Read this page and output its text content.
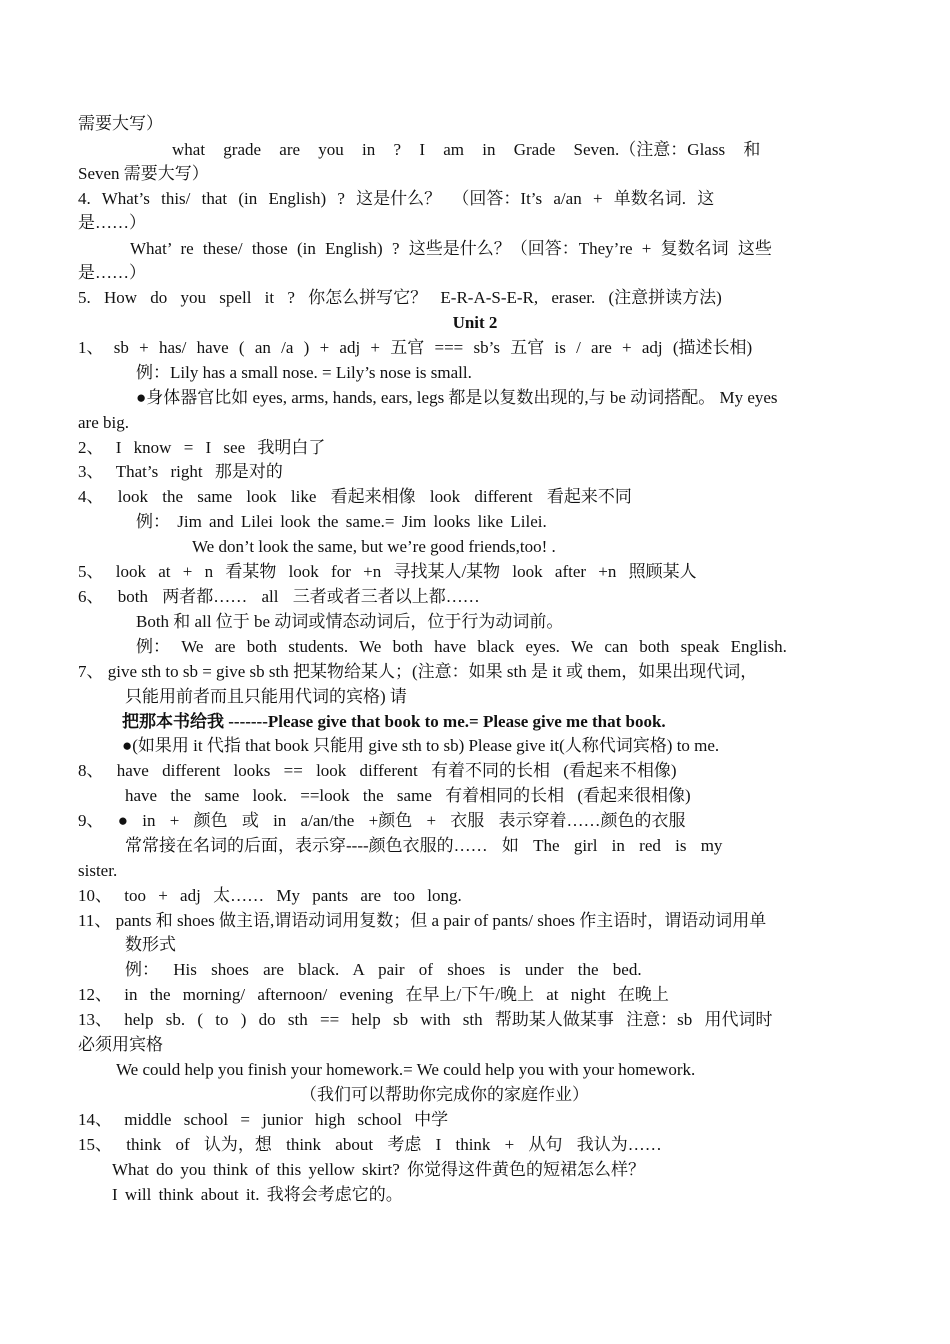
需要大写）
what grade are you in ? I am in Grade Seven.（注意：Glass 和
Seven 需要大写）
4. What’s this/ that (in English) ? 这是什么？ （回答：It’s a/an + 单数名词. 这
是……）
What’ re these/ those (in English) ? 这些是什么？（回答：They’re + 复数名词 这些
是……）
5. How do you spell it ? 你怎么拼写它？ E-R-A-S-E-R, eraser. (注意拼读方法)
Unit 2
1、 sb + has/ have ( an /a ) + adj + 五官 === sb’s 五官 is / are + adj (描述长相)
例：Lily has a small nose. = Lily’s nose is small.
●身体器官比如 eyes, arms, hands, ears, legs 都是以复数出现的,与 be 动词搭配。 My eyes
are big.
2、 I know = I see 我明白了
3、 That’s right 那是对的
4、 look the same look like 看起来相像 look different 看起来不同
例： Jim and Lilei look the same.= Jim looks like Lilei.
We don’t look the same, but we’re good friends,too! .
5、 look at + n 看某物 look for +n 寻找某人/某物 look after +n 照顾某人
6、 both 两者都…… all 三者或者三者以上都……
Both 和 all 位于 be 动词或情态动词后，位于行为动词前。
例： We are both students. We both have black eyes. We can both speak English.
7、 give sth to sb = give sb sth 把某物给某人；(注意：如果 sth 是 it 或 them，如果出现代词，
只能用前者而且只能用代词的宾格) 请
把那本书给我 -------Please give that book to me.= Please give me that book.
●(如果用 it 代指 that book 只能用 give sth to sb) Please give it(人称代词宾格) to me.
8、 have different looks == look different 有着不同的长相 (看起来不相像)
have the same look. ==look the same 有着相同的长相 (看起来很相像)
9、 ● in + 颜色 或 in a/an/the +颜色 + 衣服 表示穿着……颜色的衣服
常常接在名词的后面，表示穿----颜色衣服的…… 如 The girl in red is my
sister.
10、 too + adj 太…… My pants are too long.
11、 pants 和 shoes 做主语,谓语动词用复数；但 a pair of pants/ shoes 作主语时，谓语动词用单
数形式
例： His shoes are black. A pair of shoes is under the bed.
12、 in the morning/ afternoon/ evening 在早上/下午/晚上 at night 在晚上
13、 help sb. ( to ) do sth == help sb with sth 帮助某人做某事 注意：sb 用代词时
必须用宾格
We could help you finish your homework.= We could help you with your homework.
（我们可以帮助你完成你的家庭作业）
14、 middle school = junior high school 中学
15、 think of 认为，想 think about 考虑 I think + 从句 我认为……
What do you think of this yellow skirt? 你觉得这件黄色的短裙怎么样？
I will think about it. 我将会考虑它的。
